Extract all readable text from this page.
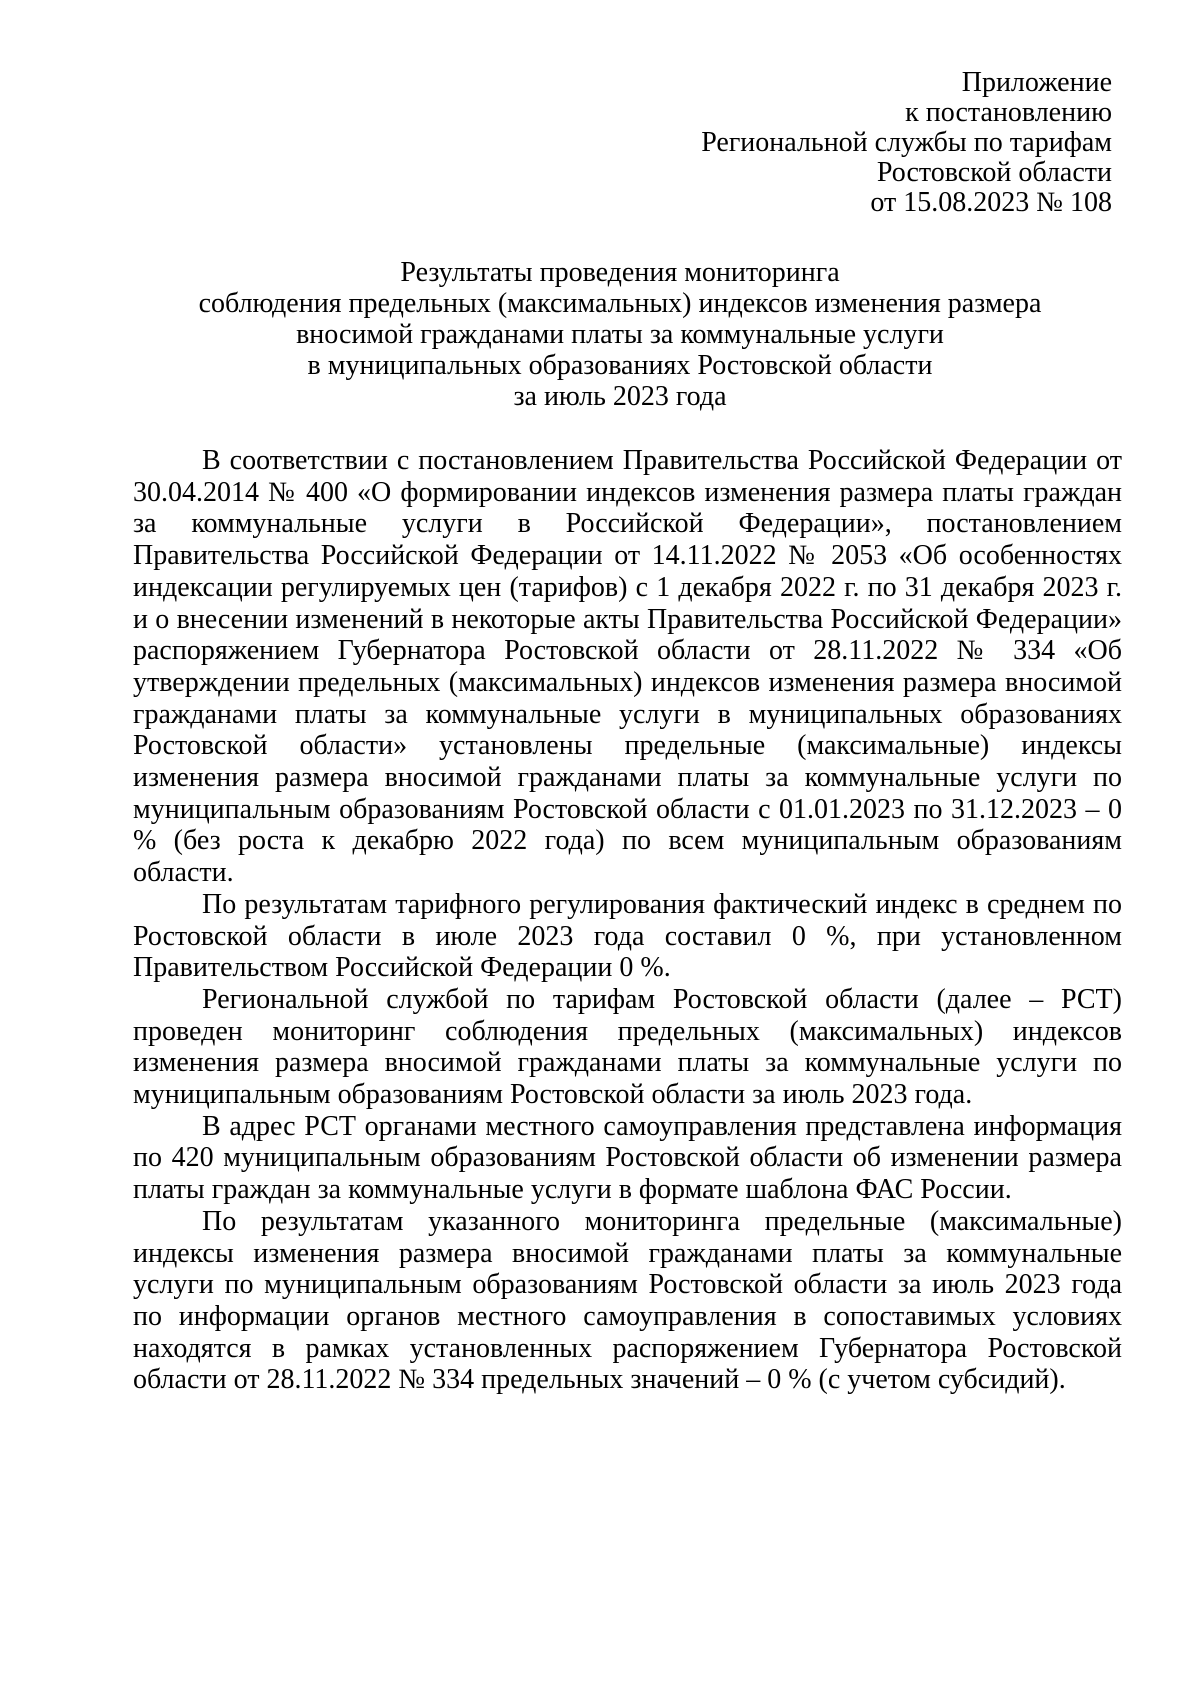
Приложение
к постановлению
Региональной службы по тарифам
Ростовской области
от 15.08.2023 № 108
Результаты проведения мониторинга
соблюдения предельных (максимальных) индексов изменения размера
вносимой гражданами платы за коммунальные услуги
в муниципальных образованиях Ростовской области
за июль 2023 года

В соответствии с постановлением Правительства Российской Федерации от 30.04.2014 № 400 «О формировании индексов изменения размера платы граждан за коммунальные услуги в Российской Федерации», постановлением Правительства Российской Федерации от 14.11.2022 № 2053 «Об особенностях индексации регулируемых цен (тарифов) с 1 декабря 2022 г. по 31 декабря 2023 г. и о внесении изменений в некоторые акты Правительства Российской Федерации» распоряжением Губернатора Ростовской области от 28.11.2022 № 334 «Об утверждении предельных (максимальных) индексов изменения размера вносимой гражданами платы за коммунальные услуги в муниципальных образованиях Ростовской области» установлены предельные (максимальные) индексы изменения размера вносимой гражданами платы за коммунальные услуги по муниципальным образованиям Ростовской области с 01.01.2023 по 31.12.2023 – 0 % (без роста к декабрю 2022 года) по всем муниципальным образованиям области.

По результатам тарифного регулирования фактический индекс в среднем по Ростовской области в июле 2023 года составил 0 %, при установленном Правительством Российской Федерации 0 %.

Региональной службой по тарифам Ростовской области (далее – РСТ) проведен мониторинг соблюдения предельных (максимальных) индексов изменения размера вносимой гражданами платы за коммунальные услуги по муниципальным образованиям Ростовской области за июль 2023 года.

В адрес РСТ органами местного самоуправления представлена информация по 420 муниципальным образованиям Ростовской области об изменении размера платы граждан за коммунальные услуги в формате шаблона ФАС России.

По результатам указанного мониторинга предельные (максимальные) индексы изменения размера вносимой гражданами платы за коммунальные услуги по муниципальным образованиям Ростовской области за июль 2023 года по информации органов местного самоуправления в сопоставимых условиях находятся в рамках установленных распоряжением Губернатора Ростовской области от 28.11.2022 № 334 предельных значений – 0 % (с учетом субсидий).
